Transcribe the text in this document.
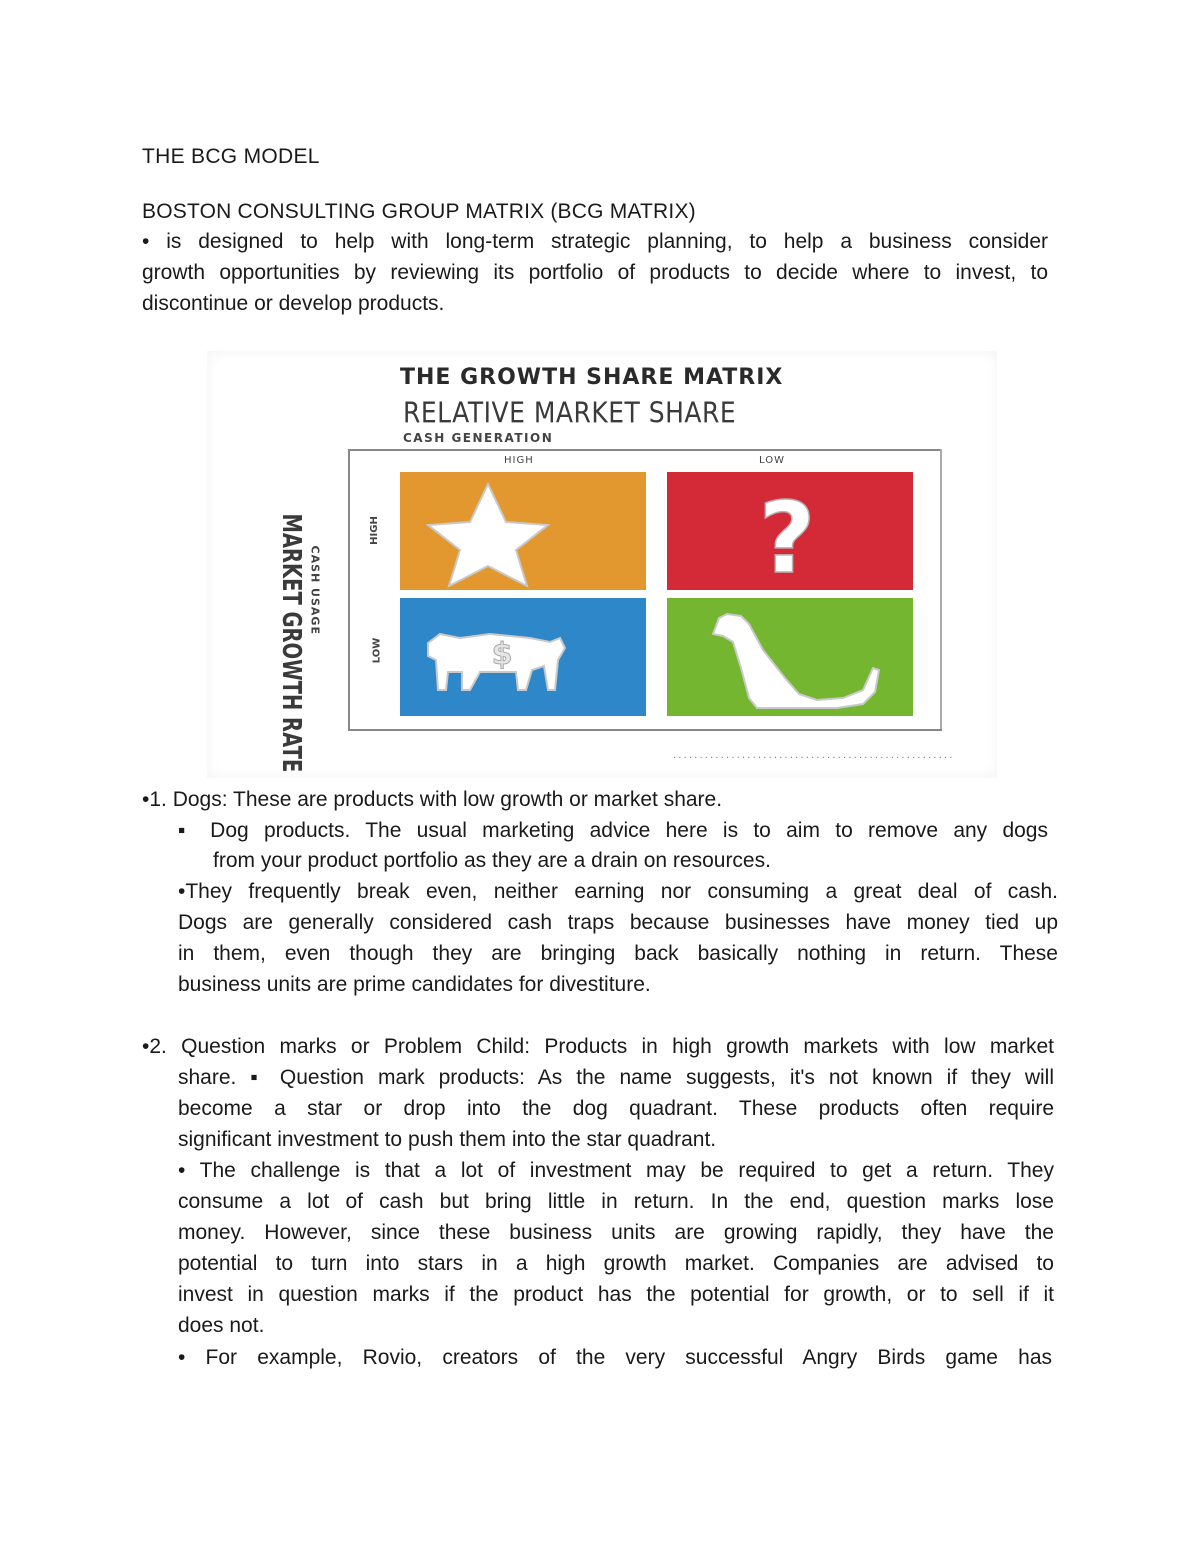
THE BCG MODEL
BOSTON CONSULTING GROUP MATRIX (BCG MATRIX)
• is designed to help with long-term strategic planning, to help a business consider
growth opportunities by reviewing its portfolio of products to decide where to invest, to
discontinue or develop products.
THE GROWTH SHARE MATRIX
RELATIVE MARKET SHARE
CASH GENERATION
MARKET GROWTH RATE CASH USAGE
HIGH	LOW
HIGH
LOW
?
$
·····················································
•1. Dogs: These are products with low growth or market share.
▪ Dog products. The usual marketing advice here is to aim to remove any dogs
from your product portfolio as they are a drain on resources.
•They frequently break even, neither earning nor consuming a great deal of cash.
Dogs are generally considered cash traps because businesses have money tied up
in them, even though they are bringing back basically nothing in return. These
business units are prime candidates for divestiture.
•2. Question marks or Problem Child: Products in high growth markets with low market
share. ▪ Question mark products: As the name suggests, it's not known if they will
become a star or drop into the dog quadrant. These products often require
significant investment to push them into the star quadrant.
• The challenge is that a lot of investment may be required to get a return. They
consume a lot of cash but bring little in return. In the end, question marks lose
money. However, since these business units are growing rapidly, they have the
potential to turn into stars in a high growth market. Companies are advised to
invest in question marks if the product has the potential for growth, or to sell if it
does not.
• For example, Rovio, creators of the very successful Angry Birds game has
